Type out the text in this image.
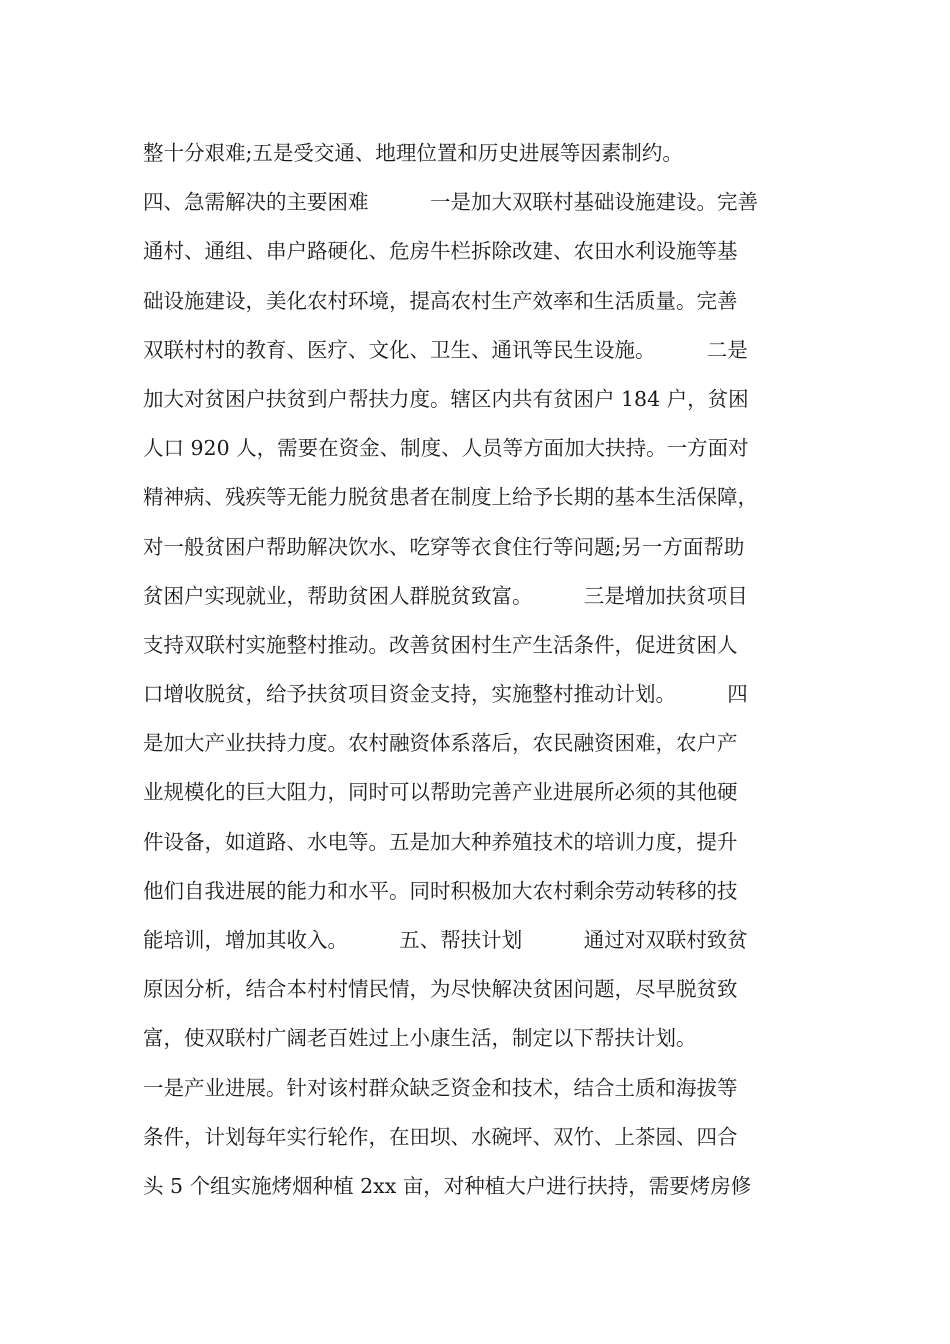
整十分艰难;五是受交通、地理位置和历史进展等因素制约。
四、急需解决的主要困难　　　一是加大双联村基础设施建设。完善
通村、通组、串户路硬化、危房牛栏拆除改建、农田水利设施等基
础设施建设，美化农村环境，提高农村生产效率和生活质量。完善
双联村村的教育、医疗、文化、卫生、通讯等民生设施。　　　二是
加大对贫困户扶贫到户帮扶力度。辖区内共有贫困户 184 户，贫困
人口 920 人，需要在资金、制度、人员等方面加大扶持。一方面对
精神病、残疾等无能力脱贫患者在制度上给予长期的基本生活保障，
对一般贫困户帮助解决饮水、吃穿等衣食住行等问题;另一方面帮助
贫困户实现就业，帮助贫困人群脱贫致富。　　　三是增加扶贫项目
支持双联村实施整村推动。改善贫困村生产生活条件，促进贫困人
口增收脱贫，给予扶贫项目资金支持，实施整村推动计划。　　　四
是加大产业扶持力度。农村融资体系落后，农民融资困难，农户产
业规模化的巨大阻力，同时可以帮助完善产业进展所必须的其他硬
件设备，如道路、水电等。五是加大种养殖技术的培训力度，提升
他们自我进展的能力和水平。同时积极加大农村剩余劳动转移的技
能培训，增加其收入。　　　五、帮扶计划　　　通过对双联村致贫
原因分析，结合本村村情民情，为尽快解决贫困问题，尽早脱贫致
富，使双联村广阔老百姓过上小康生活，制定以下帮扶计划。
一是产业进展。针对该村群众缺乏资金和技术，结合土质和海拔等
条件，计划每年实行轮作，在田坝、水碗坪、双竹、上茶园、四合
头 5 个组实施烤烟种植 2xx 亩，对种植大户进行扶持，需要烤房修
